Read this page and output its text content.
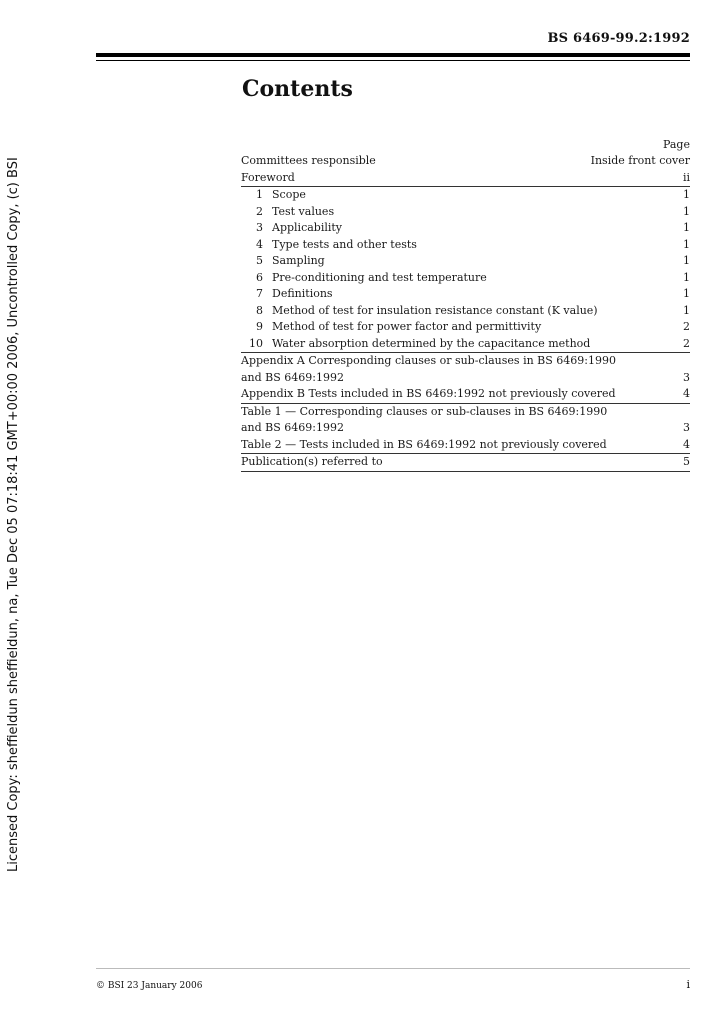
BS 6469-99.2:1992
Contents
Page
Committees responsible	Inside front cover
Foreword	ii
1 Scope	1
2 Test values	1
3 Applicability	1
4 Type tests and other tests	1
5 Sampling	1
6 Pre-conditioning and test temperature	1
7 Definitions	1
8 Method of test for insulation resistance constant (K value)	1
9 Method of test for power factor and permittivity	2
10 Water absorption determined by the capacitance method	2
Appendix A Corresponding clauses or sub-clauses in BS 6469:1990
and BS 6469:1992	3
Appendix B Tests included in BS 6469:1992 not previously covered	4
Table 1 — Corresponding clauses or sub-clauses in BS 6469:1990
and BS 6469:1992	3
Table 2 — Tests included in BS 6469:1992 not previously covered	4
Publication(s) referred to	5
Licensed Copy: sheffieldun sheffieldun, na, Tue Dec 05 07:18:41 GMT+00:00 2006, Uncontrolled Copy, (c) BSI
© BSI 23 January 2006	i
